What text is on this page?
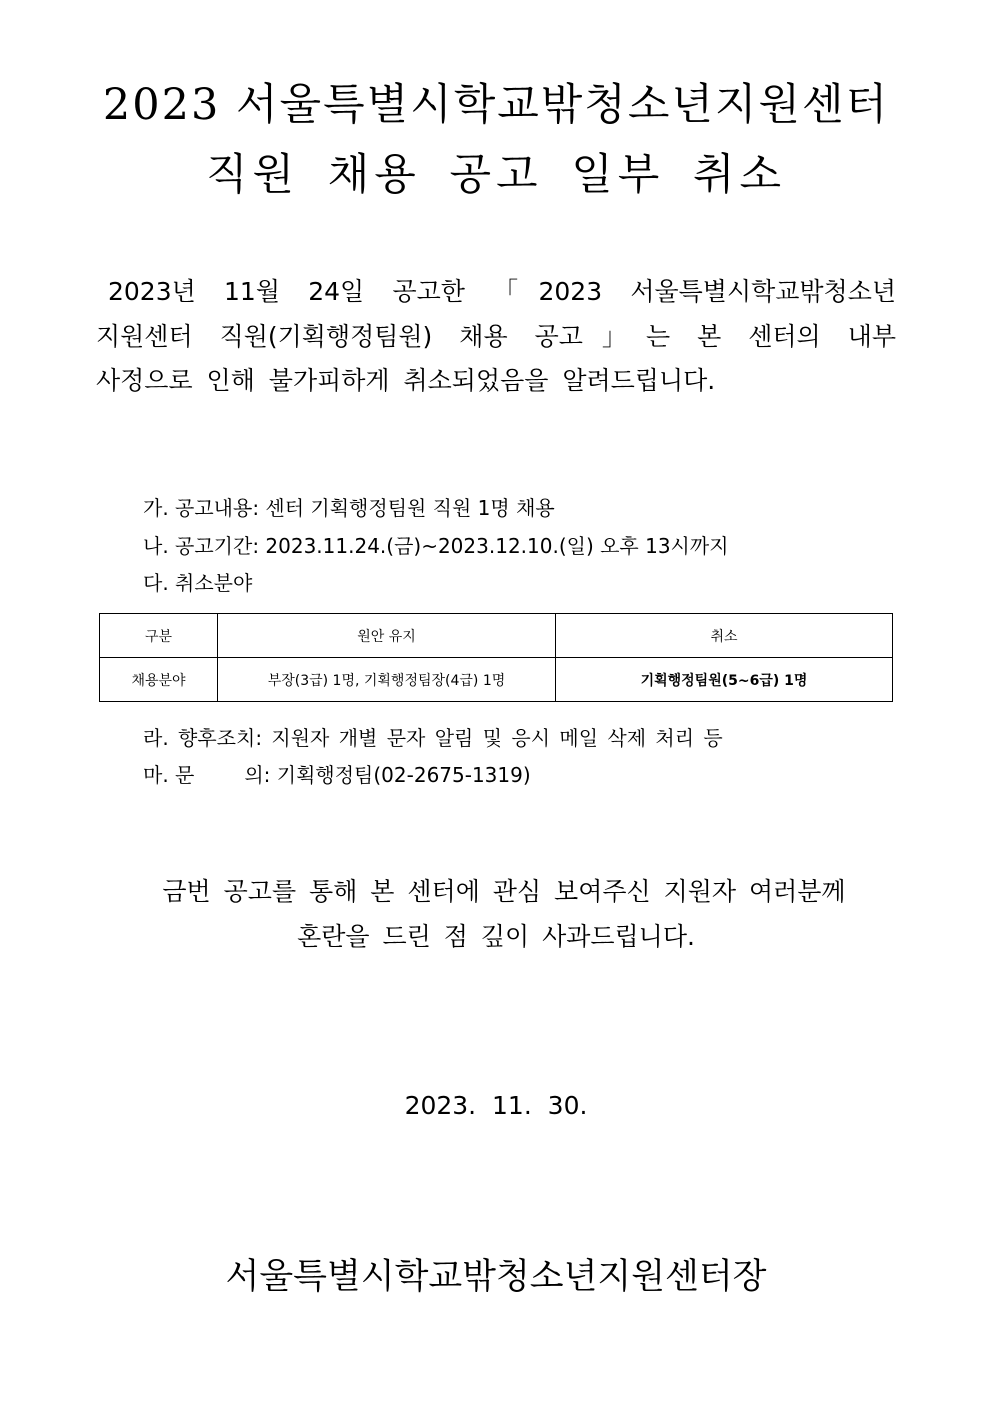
2023 서울특별시학교밖청소년지원센터
직원 채용 공고 일부 취소
2023년 11월 24일 공고한 「2023 서울특별시학교밖청소년
지원센터 직원(기획행정팀원) 채용 공고」는 본 센터의 내부
사정으로 인해 불가피하게 취소되었음을 알려드립니다.
가. 공고내용: 센터 기획행정팀원 직원 1명 채용
나. 공고기간: 2023.11.24.(금)~2023.12.10.(일) 오후 13시까지
다. 취소분야
구분	원안 유지	취소
채용분야	부장(3급) 1명, 기획행정팀장(4급) 1명	기획행정팀원(5~6급) 1명
라. 향후조치: 지원자 개별 문자 알림 및 응시 메일 삭제 처리 등
마. 문	의: 기획행정팀(02-2675-1319)
금번 공고를 통해 본 센터에 관심 보여주신 지원자 여러분께
혼란을 드린 점 깊이 사과드립니다.
2023.  11.  30.
서울특별시학교밖청소년지원센터장
